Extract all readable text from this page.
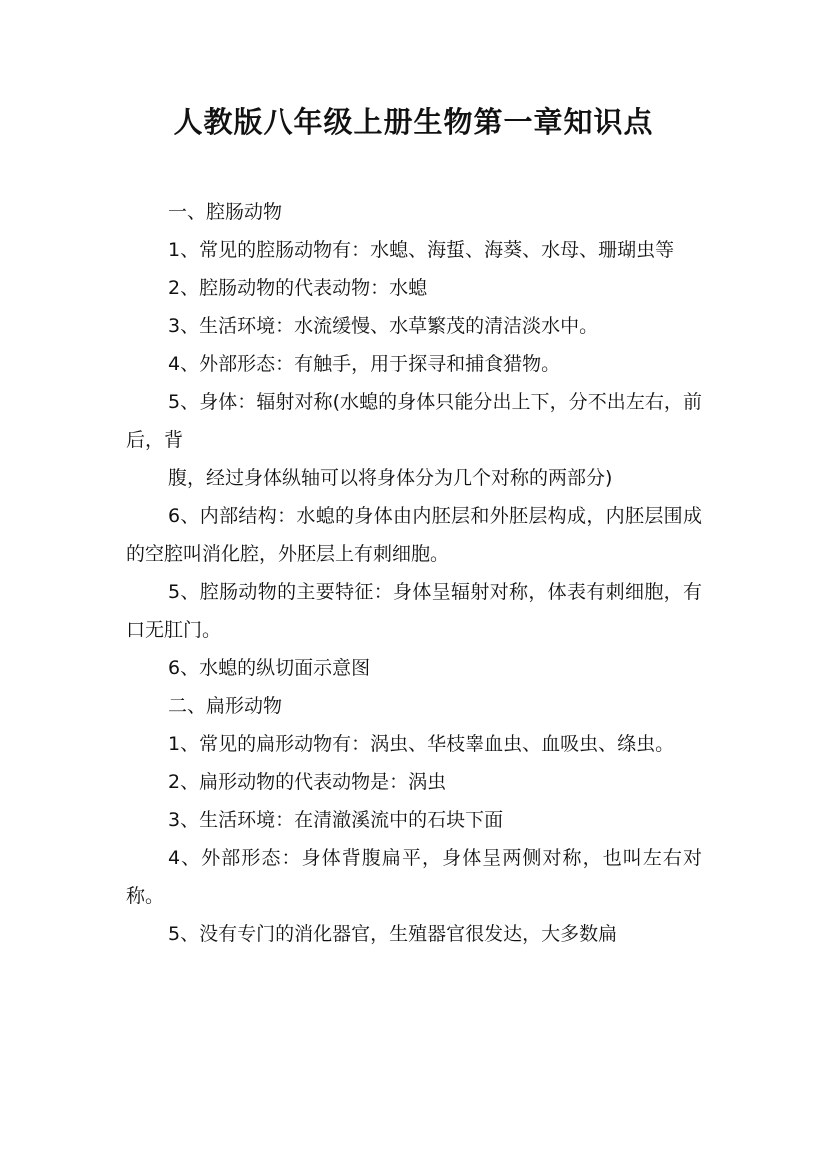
人教版八年级上册生物第一章知识点

一、腔肠动物

1、常见的腔肠动物有：水螅、海蜇、海葵、水母、珊瑚虫等

2、腔肠动物的代表动物：水螅

3、生活环境：水流缓慢、水草繁茂的清洁淡水中。

4、外部形态：有触手，用于探寻和捕食猎物。

5、身体：辐射对称(水螅的身体只能分出上下，分不出左右，前后，背

腹，经过身体纵轴可以将身体分为几个对称的两部分)

6、内部结构：水螅的身体由内胚层和外胚层构成，内胚层围成的空腔叫消化腔，外胚层上有刺细胞。

5、腔肠动物的主要特征：身体呈辐射对称，体表有刺细胞，有口无肛门。

6、水螅的纵切面示意图

二、扁形动物

1、常见的扁形动物有：涡虫、华枝睾血虫、血吸虫、绦虫。

2、扁形动物的代表动物是：涡虫

3、生活环境：在清澈溪流中的石块下面

4、外部形态：身体背腹扁平，身体呈两侧对称，也叫左右对称。

5、没有专门的消化器官，生殖器官很发达，大多数扁
